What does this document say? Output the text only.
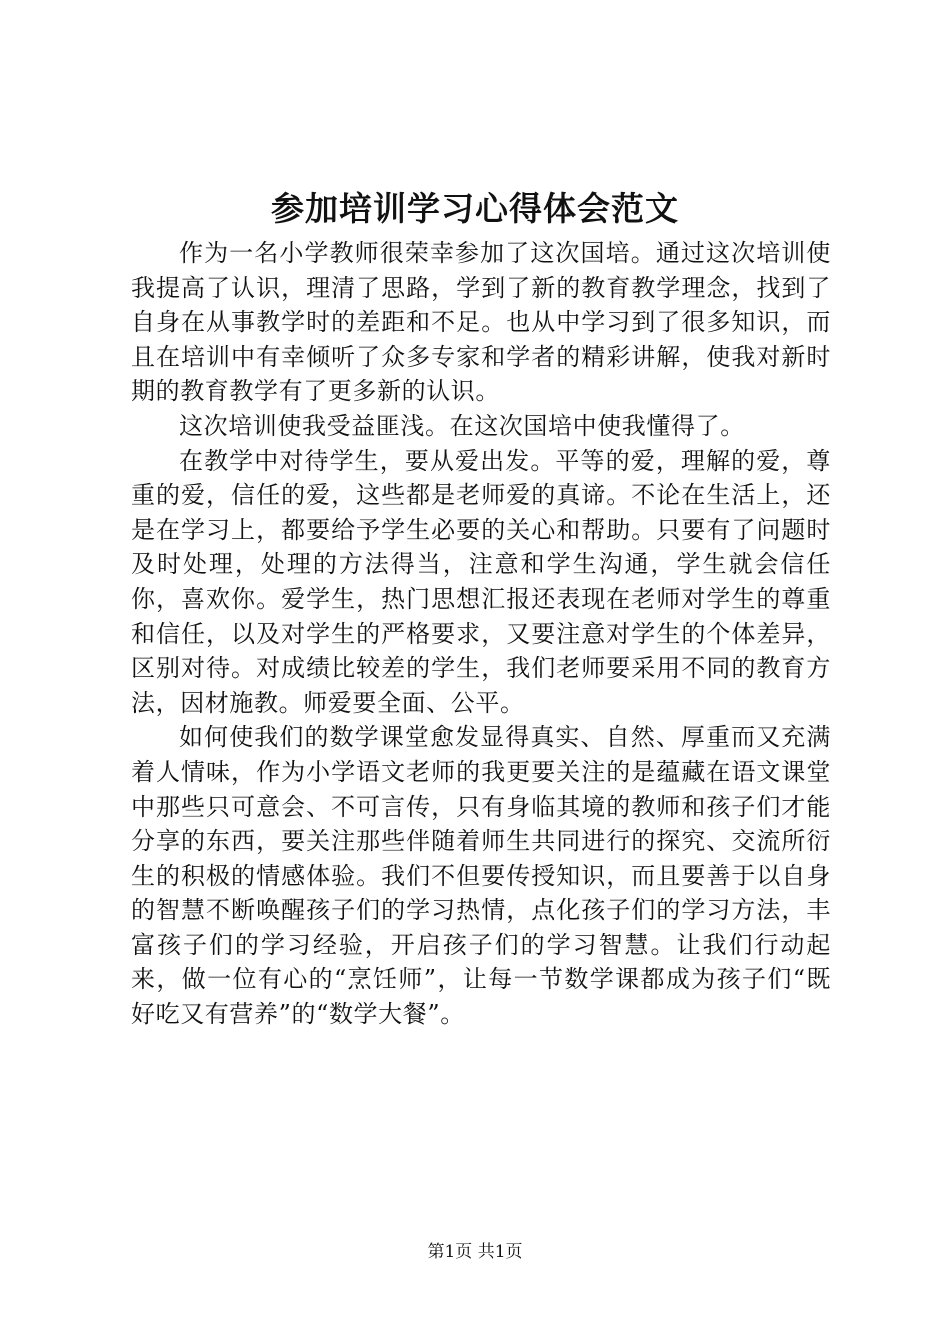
参加培训学习心得体会范文

作为一名小学教师很荣幸参加了这次国培。通过这次培训使我提高了认识，理清了思路，学到了新的教育教学理念，找到了自身在从事教学时的差距和不足。也从中学习到了很多知识，而且在培训中有幸倾听了众多专家和学者的精彩讲解，使我对新时期的教育教学有了更多新的认识。

这次培训使我受益匪浅。在这次国培中使我懂得了。

在教学中对待学生，要从爱出发。平等的爱，理解的爱，尊重的爱，信任的爱，这些都是老师爱的真谛。不论在生活上，还是在学习上，都要给予学生必要的关心和帮助。只要有了问题时及时处理，处理的方法得当，注意和学生沟通，学生就会信任你，喜欢你。爱学生，热门思想汇报还表现在老师对学生的尊重和信任，以及对学生的严格要求，又要注意对学生的个体差异，区别对待。对成绩比较差的学生，我们老师要采用不同的教育方法，因材施教。师爱要全面、公平。

如何使我们的数学课堂愈发显得真实、自然、厚重而又充满着人情味，作为小学语文老师的我更要关注的是蕴藏在语文课堂中那些只可意会、不可言传，只有身临其境的教师和孩子们才能分享的东西，要关注那些伴随着师生共同进行的探究、交流所衍生的积极的情感体验。我们不但要传授知识，而且要善于以自身的智慧不断唤醒孩子们的学习热情，点化孩子们的学习方法，丰富孩子们的学习经验，开启孩子们的学习智慧。让我们行动起来，做一位有心的“烹饪师”，让每一节数学课都成为孩子们“既好吃又有营养”的“数学大餐”。

第1页 共1页
